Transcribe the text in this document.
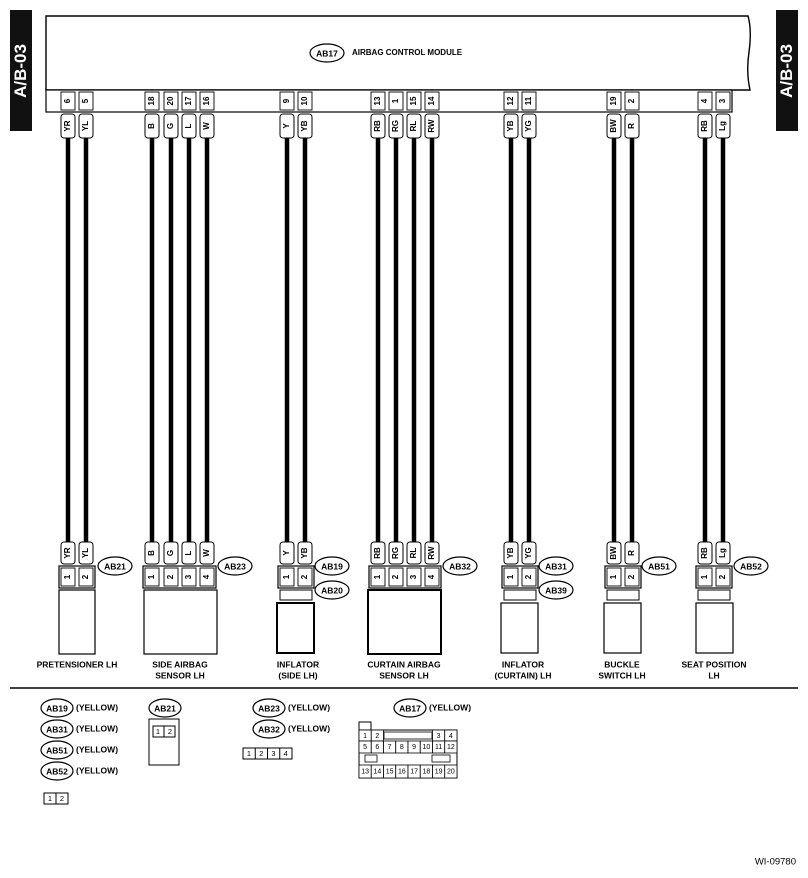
A/B-03	A/B-03
AB17 AIRBAG CONTROL MODULE
6
YR
YR
1
5
YL
YL
2
AB21
PRETENSIONER LH
18
B
B
1
20
G
G
2
17
L
L
3
16
W
W
4
AB23
SIDE AIRBAG
SENSOR LH
9
Y
Y
1
10
YB
YB
2
AB19
AB20
INFLATOR
(SIDE LH)
13
RB
RB
1
1
RG
RG
2
15
RL
RL
3
14
RW
RW
4
AB32
CURTAIN AIRBAG
SENSOR LH
12
YB
YB
1
11
YG
YG
2
AB31
AB39
INFLATOR
(CURTAIN) LH
19
BW
BW
1
2
R
R
2
AB51
BUCKLE
SWITCH LH
4
RB
RB
1
3
Lg
Lg
2
AB52
SEAT POSITION
LH
AB19 (YELLOW)
AB31 (YELLOW)
AB51 (YELLOW)
AB52 (YELLOW)
1 2
AB21
1 2
AB23 (YELLOW)
AB32 (YELLOW)
1 2 3 4
AB17 (YELLOW)
1 2	3 4
5 6 7 8 9 10 11 12
13 14 15 16 17 18 19 20
WI-09780
